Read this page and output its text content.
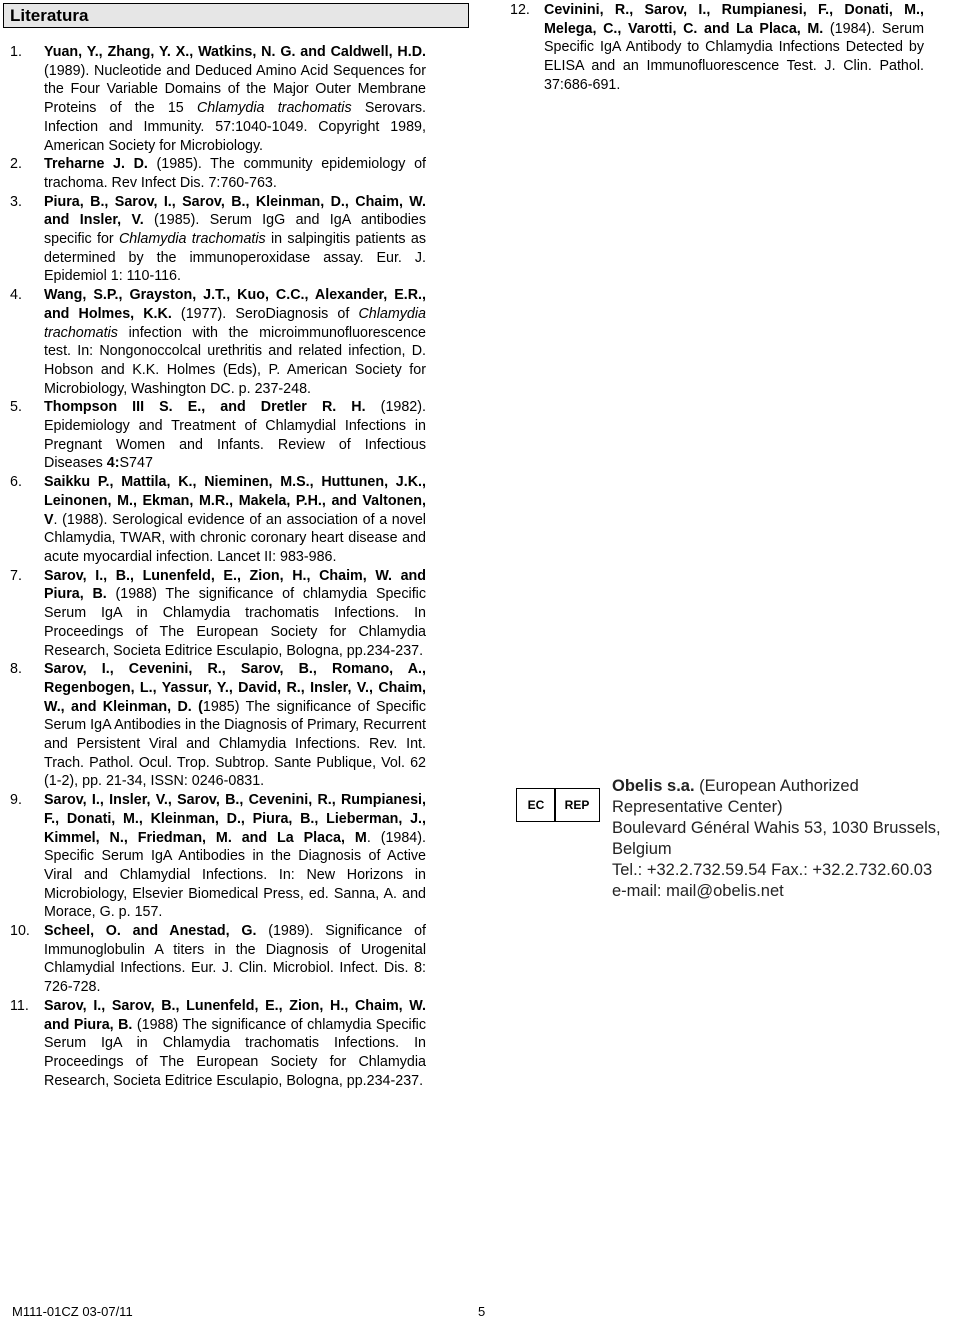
Literatura

1. Yuan, Y., Zhang, Y. X., Watkins, N. G. and Caldwell, H.D. (1989). Nucleotide and Deduced Amino Acid Sequences for the Four Variable Domains of the Major Outer Membrane Proteins of the 15 Chlamydia trachomatis Serovars. Infection and Immunity. 57:1040-1049. Copyright 1989, American Society for Microbiology.

2. Treharne J. D. (1985). The community epidemiology of trachoma. Rev Infect Dis. 7:760-763.

3. Piura, B., Sarov, I., Sarov, B., Kleinman, D., Chaim, W. and Insler, V. (1985). Serum IgG and IgA antibodies specific for Chlamydia trachomatis in salpingitis patients as determined by the immunoperoxidase assay. Eur. J. Epidemiol 1: 110-116.

4. Wang, S.P., Grayston, J.T., Kuo, C.C., Alexander, E.R., and Holmes, K.K. (1977). SeroDiagnosis of Chlamydia trachomatis infection with the microimmunofluorescence test. In: Nongonoccolcal urethritis and related infection, D. Hobson and K.K. Holmes (Eds), P. American Society for Microbiology, Washington DC. p. 237-248.

5. Thompson III S. E., and Dretler R. H. (1982). Epidemiology and Treatment of Chlamydial Infections in Pregnant Women and Infants. Review of Infectious Diseases 4:S747

6. Saikku P., Mattila, K., Nieminen, M.S., Huttunen, J.K., Leinonen, M., Ekman, M.R., Makela, P.H., and Valtonen, V. (1988). Serological evidence of an association of a novel Chlamydia, TWAR, with chronic coronary heart disease and acute myocardial infection. Lancet II: 983-986.

7. Sarov, I., B., Lunenfeld, E., Zion, H., Chaim, W. and Piura, B. (1988) The significance of chlamydia Specific Serum IgA in Chlamydia trachomatis Infections. In Proceedings of The European Society for Chlamydia Research, Societa Editrice Esculapio, Bologna, pp.234-237.

8. Sarov, I., Cevenini, R., Sarov, B., Romano, A., Regenbogen, L., Yassur, Y., David, R., Insler, V., Chaim, W., and Kleinman, D. (1985) The significance of Specific Serum IgA Antibodies in the Diagnosis of Primary, Recurrent and Persistent Viral and Chlamydia Infections. Rev. Int. Trach. Pathol. Ocul. Trop. Subtrop. Sante Publique, Vol. 62 (1-2), pp. 21-34, ISSN: 0246-0831.

9. Sarov, I., Insler, V., Sarov, B., Cevenini, R., Rumpianesi, F., Donati, M., Kleinman, D., Piura, B., Lieberman, J., Kimmel, N., Friedman, M. and La Placa, M. (1984). Specific Serum IgA Antibodies in the Diagnosis of Active Viral and Chlamydial Infections. In: New Horizons in Microbiology, Elsevier Biomedical Press, ed. Sanna, A. and Morace, G. p. 157.

10. Scheel, O. and Anestad, G. (1989). Significance of Immunoglobulin A titers in the Diagnosis of Urogenital Chlamydial Infections. Eur. J. Clin. Microbiol. Infect. Dis. 8: 726-728.

11. Sarov, I., Sarov, B., Lunenfeld, E., Zion, H., Chaim, W. and Piura, B. (1988) The significance of chlamydia Specific Serum IgA in Chlamydia trachomatis Infections. In Proceedings of The European Society for Chlamydia Research, Societa Editrice Esculapio, Bologna, pp.234-237.

12. Cevinini, R., Sarov, I., Rumpianesi, F., Donati, M., Melega, C., Varotti, C. and La Placa, M. (1984). Serum Specific IgA Antibody to Chlamydia Infections Detected by ELISA and an Immunofluorescence Test. J. Clin. Pathol. 37:686-691.

EC	REP
Obelis s.a. (European Authorized Representative Center)
Boulevard Général Wahis 53, 1030 Brussels, Belgium
Tel.: +32.2.732.59.54 Fax.: +32.2.732.60.03
e-mail: mail@obelis.net
M111-01CZ 03-07/11	5
